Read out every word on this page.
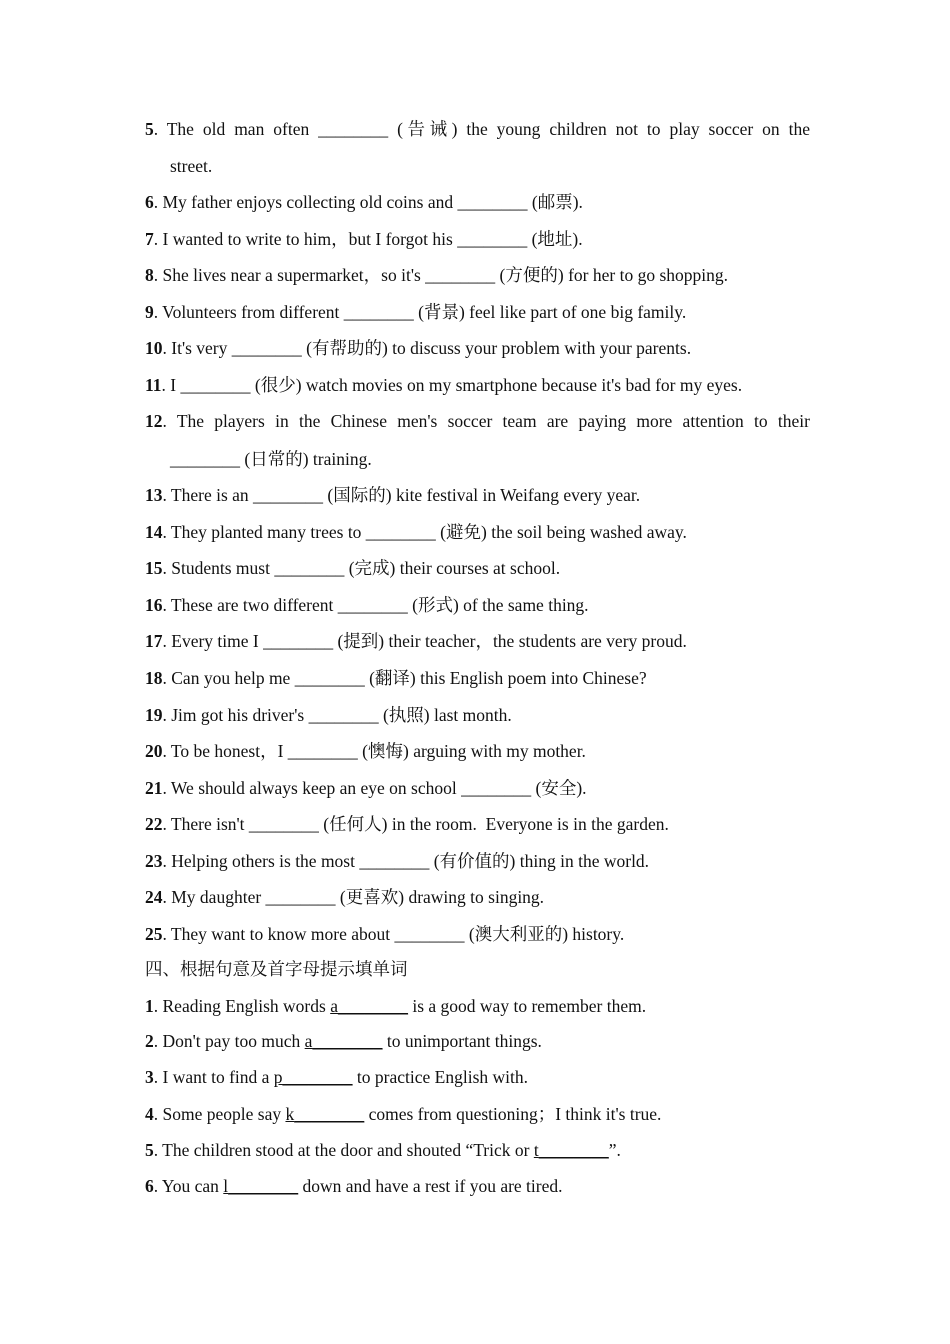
5. The old man often ________ (告诫) the young children not to play soccer on the
street.
6. My father enjoys collecting old coins and ________ (邮票).
7. I wanted to write to him，but I forgot his ________ (地址).
8. She lives near a supermarket，so it's ________ (方便的) for her to go shopping.
9. Volunteers from different ________ (背景) feel like part of one big family.
10. It's very ________ (有帮助的) to discuss your problem with your parents.
11. I ________ (很少) watch movies on my smartphone because it's bad for my eyes.
12. The players in the Chinese men's soccer team are paying more attention to their
________ (日常的) training.
13. There is an ________ (国际的) kite festival in Weifang every year.
14. They planted many trees to ________ (避免) the soil being washed away.
15. Students must ________ (完成) their courses at school.
16. These are two different ________ (形式) of the same thing.
17. Every time I ________ (提到) their teacher，the students are very proud.
18. Can you help me ________ (翻译) this English poem into Chinese?
19. Jim got his driver's ________ (执照) last month.
20. To be honest，I ________ (懊悔) arguing with my mother.
21. We should always keep an eye on school ________ (安全).
22. There isn't ________ (任何人) in the room.  Everyone is in the garden.
23. Helping others is the most ________ (有价值的) thing in the world.
24. My daughter ________ (更喜欢) drawing to singing.
25. They want to know more about ________ (澳大利亚的) history.
四、根据句意及首字母提示填单词
1. Reading English words a________ is a good way to remember them.
2. Don't pay too much a________ to unimportant things.
3. I want to find a p________ to practice English with.
4. Some people say k________ comes from questioning；I think it's true.
5. The children stood at the door and shouted “Trick or t________”.
6. You can l________ down and have a rest if you are tired.
